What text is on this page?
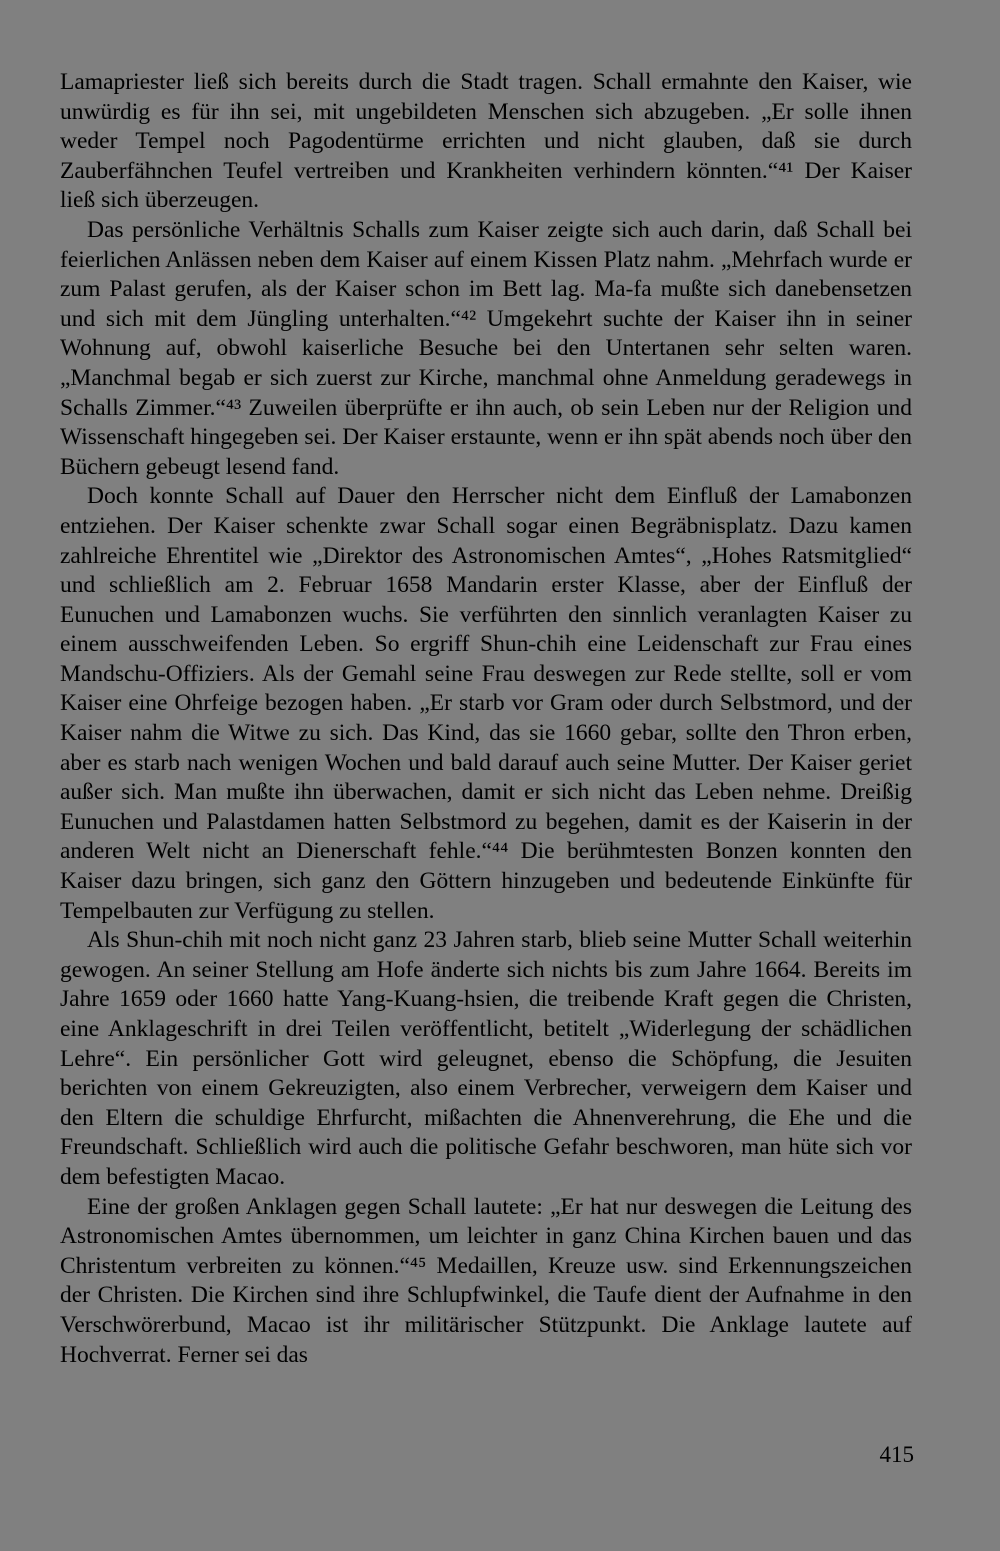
Lamapriester ließ sich bereits durch die Stadt tragen. Schall ermahnte den Kaiser, wie unwürdig es für ihn sei, mit ungebildeten Menschen sich abzugeben. „Er solle ihnen weder Tempel noch Pagodentürme errichten und nicht glauben, daß sie durch Zauberfähnchen Teufel vertreiben und Krankheiten verhindern könnten.“⁴¹ Der Kaiser ließ sich überzeugen.

Das persönliche Verhältnis Schalls zum Kaiser zeigte sich auch darin, daß Schall bei feierlichen Anlässen neben dem Kaiser auf einem Kissen Platz nahm. „Mehrfach wurde er zum Palast gerufen, als der Kaiser schon im Bett lag. Ma-fa mußte sich danebensetzen und sich mit dem Jüngling unterhalten.“⁴² Umgekehrt suchte der Kaiser ihn in seiner Wohnung auf, obwohl kaiserliche Besuche bei den Untertanen sehr selten waren. „Manchmal begab er sich zuerst zur Kirche, manchmal ohne Anmeldung geradewegs in Schalls Zimmer.“⁴³ Zuweilen überprüfte er ihn auch, ob sein Leben nur der Religion und Wissenschaft hingegeben sei. Der Kaiser erstaunte, wenn er ihn spät abends noch über den Büchern gebeugt lesend fand.

Doch konnte Schall auf Dauer den Herrscher nicht dem Einfluß der Lamabonzen entziehen. Der Kaiser schenkte zwar Schall sogar einen Begräbnisplatz. Dazu kamen zahlreiche Ehrentitel wie „Direktor des Astronomischen Amtes“, „Hohes Ratsmitglied“ und schließlich am 2. Februar 1658 Mandarin erster Klasse, aber der Einfluß der Eunuchen und Lamabonzen wuchs. Sie verführten den sinnlich veranlagten Kaiser zu einem ausschweifenden Leben. So ergriff Shun-chih eine Leidenschaft zur Frau eines Mandschu-Offiziers. Als der Gemahl seine Frau deswegen zur Rede stellte, soll er vom Kaiser eine Ohrfeige bezogen haben. „Er starb vor Gram oder durch Selbstmord, und der Kaiser nahm die Witwe zu sich. Das Kind, das sie 1660 gebar, sollte den Thron erben, aber es starb nach wenigen Wochen und bald darauf auch seine Mutter. Der Kaiser geriet außer sich. Man mußte ihn überwachen, damit er sich nicht das Leben nehme. Dreißig Eunuchen und Palastdamen hatten Selbstmord zu begehen, damit es der Kaiserin in der anderen Welt nicht an Dienerschaft fehle.“⁴⁴ Die berühmtesten Bonzen konnten den Kaiser dazu bringen, sich ganz den Göttern hinzugeben und bedeutende Einkünfte für Tempelbauten zur Verfügung zu stellen.

Als Shun-chih mit noch nicht ganz 23 Jahren starb, blieb seine Mutter Schall weiterhin gewogen. An seiner Stellung am Hofe änderte sich nichts bis zum Jahre 1664. Bereits im Jahre 1659 oder 1660 hatte Yang-Kuang-hsien, die treibende Kraft gegen die Christen, eine Anklageschrift in drei Teilen veröffentlicht, betitelt „Widerlegung der schädlichen Lehre“. Ein persönlicher Gott wird geleugnet, ebenso die Schöpfung, die Jesuiten berichten von einem Gekreuzigten, also einem Verbrecher, verweigern dem Kaiser und den Eltern die schuldige Ehrfurcht, mißachten die Ahnenverehrung, die Ehe und die Freundschaft. Schließlich wird auch die politische Gefahr beschworen, man hüte sich vor dem befestigten Macao.

Eine der großen Anklagen gegen Schall lautete: „Er hat nur deswegen die Leitung des Astronomischen Amtes übernommen, um leichter in ganz China Kirchen bauen und das Christentum verbreiten zu können.“⁴⁵ Medaillen, Kreuze usw. sind Erkennungszeichen der Christen. Die Kirchen sind ihre Schlupfwinkel, die Taufe dient der Aufnahme in den Verschwörerbund, Macao ist ihr militärischer Stützpunkt. Die Anklage lautete auf Hochverrat. Ferner sei das

415
